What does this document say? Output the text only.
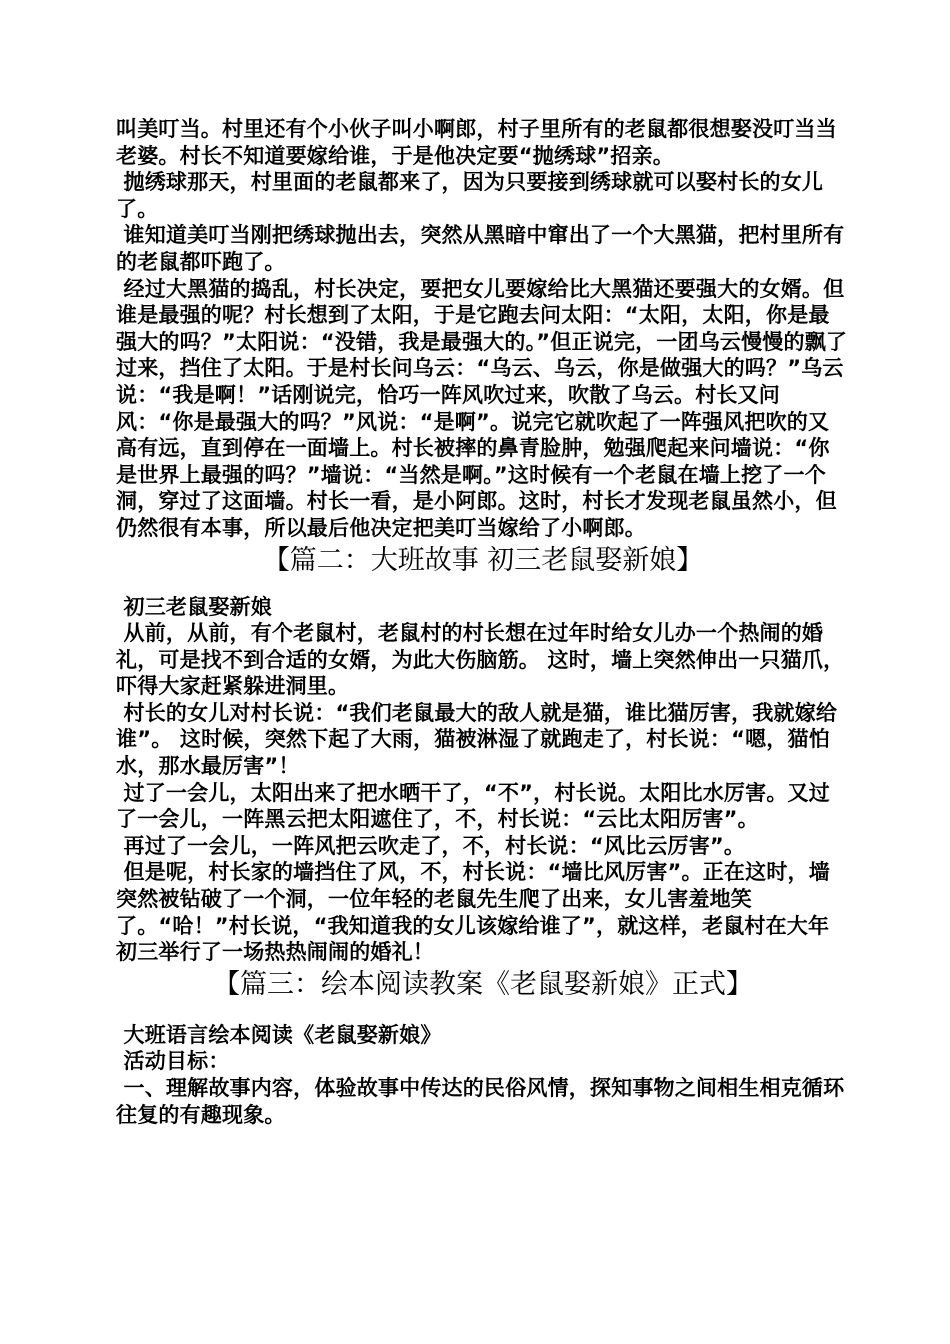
叫美叮当。村里还有个小伙子叫小啊郎，村子里所有的老鼠都很想娶没叮当当老婆。村长不知道要嫁给谁，于是他决定要“抛绣球”招亲。

抛绣球那天，村里面的老鼠都来了，因为只要接到绣球就可以娶村长的女儿了。

谁知道美叮当刚把绣球抛出去，突然从黑暗中窜出了一个大黑猫，把村里所有的老鼠都吓跑了。

经过大黑猫的捣乱，村长决定，要把女儿要嫁给比大黑猫还要强大的女婿。但谁是最强的呢？村长想到了太阳，于是它跑去问太阳：“太阳，太阳，你是最强大的吗？”太阳说：“没错，我是最强大的。”但正说完，一团乌云慢慢的飘了过来，挡住了太阳。于是村长问乌云：“乌云、乌云，你是做强大的吗？”乌云说：“我是啊！”话刚说完，恰巧一阵风吹过来，吹散了乌云。村长又问风：“你是最强大的吗？”风说：“是啊”。说完它就吹起了一阵强风把吹的又高有远，直到停在一面墙上。村长被摔的鼻青脸肿，勉强爬起来问墙说：“你是世界上最强的吗？”墙说：“当然是啊。”这时候有一个老鼠在墙上挖了一个洞，穿过了这面墙。村长一看，是小阿郎。这时，村长才发现老鼠虽然小，但仍然很有本事，所以最后他决定把美叮当嫁给了小啊郎。

【篇二：大班故事 初三老鼠娶新娘】

初三老鼠娶新娘

从前，从前，有个老鼠村，老鼠村的村长想在过年时给女儿办一个热闹的婚礼，可是找不到合适的女婿，为此大伤脑筋。 这时，墙上突然伸出一只猫爪，吓得大家赶紧躲进洞里。

村长的女儿对村长说：“我们老鼠最大的敌人就是猫，谁比猫厉害，我就嫁给谁”。 这时候，突然下起了大雨，猫被淋湿了就跑走了，村长说：“嗯，猫怕水，那水最厉害”！

过了一会儿，太阳出来了把水晒干了，“不”，村长说。太阳比水厉害。又过了一会儿，一阵黑云把太阳遮住了，不，村长说：“云比太阳厉害”。

再过了一会儿，一阵风把云吹走了，不，村长说：“风比云厉害”。

但是呢，村长家的墙挡住了风，不，村长说：“墙比风厉害”。正在这时，墙突然被钻破了一个洞，一位年轻的老鼠先生爬了出来，女儿害羞地笑了。“哈！”村长说，“我知道我的女儿该嫁给谁了”，就这样，老鼠村在大年初三举行了一场热热闹闹的婚礼！

【篇三：绘本阅读教案《老鼠娶新娘》正式】

大班语言绘本阅读《老鼠娶新娘》

活动目标：

一、理解故事内容，体验故事中传达的民俗风情，探知事物之间相生相克循环往复的有趣现象。
